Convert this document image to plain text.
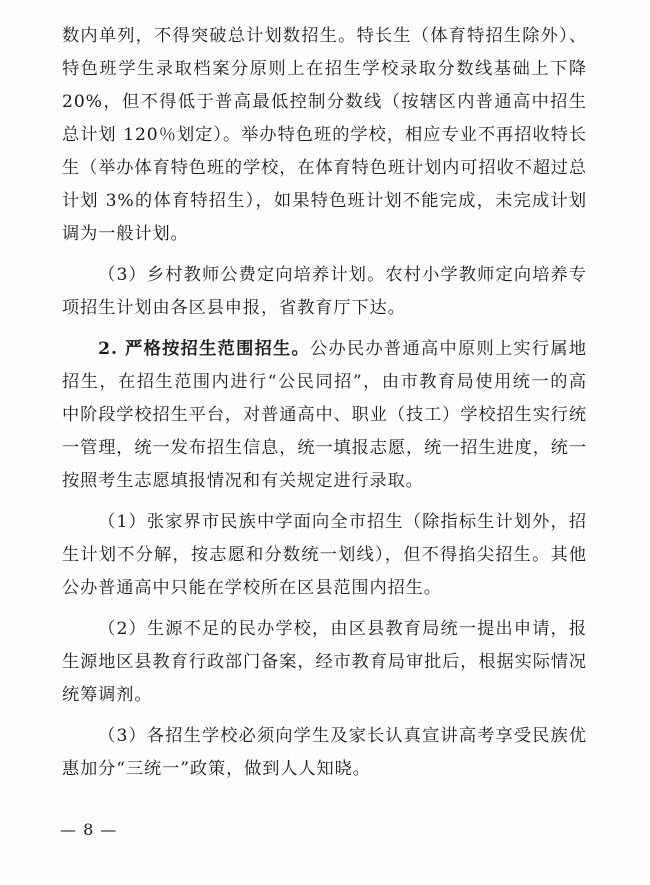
数内单列，不得突破总计划数招生。特长生（体育特招生除外）、特色班学生录取档案分原则上在招生学校录取分数线基础上下降 20%，但不得低于普高最低控制分数线（按辖区内普通高中招生总计划 120％划定）。举办特色班的学校，相应专业不再招收特长生（举办体育特色班的学校，在体育特色班计划内可招收不超过总计划 3%的体育特招生），如果特色班计划不能完成，未完成计划调为一般计划。

（3）乡村教师公费定向培养计划。农村小学教师定向培养专项招生计划由各区县申报，省教育厅下达。

2. 严格按招生范围招生。公办民办普通高中原则上实行属地招生，在招生范围内进行“公民同招”，由市教育局使用统一的高中阶段学校招生平台，对普通高中、职业（技工）学校招生实行统一管理，统一发布招生信息，统一填报志愿，统一招生进度，统一按照考生志愿填报情况和有关规定进行录取。

（1）张家界市民族中学面向全市招生（除指标生计划外，招生计划不分解，按志愿和分数统一划线），但不得掐尖招生。其他公办普通高中只能在学校所在区县范围内招生。

（2）生源不足的民办学校，由区县教育局统一提出申请，报生源地区县教育行政部门备案，经市教育局审批后，根据实际情况统筹调剂。

（3）各招生学校必须向学生及家长认真宣讲高考享受民族优惠加分“三统一”政策，做到人人知晓。

— 8 —
